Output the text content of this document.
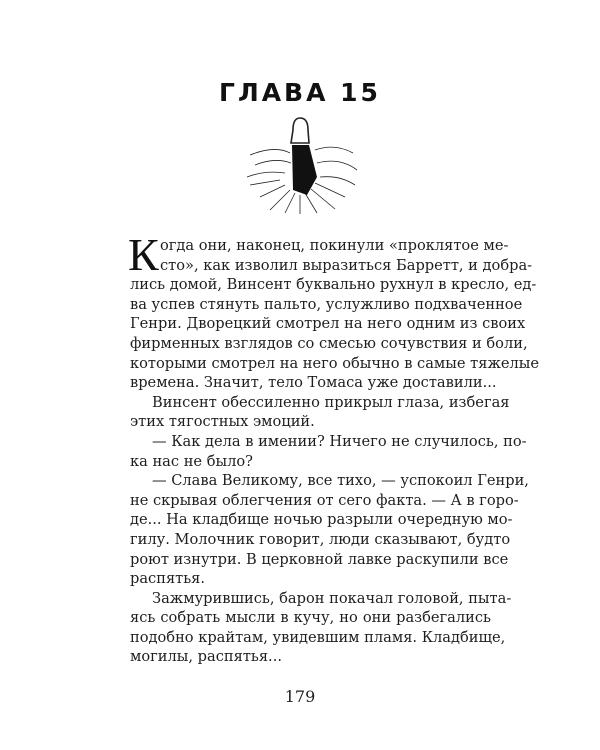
ГЛАВА 15
К огда они, наконец, покинули «проклятое ме-
сто», как изволил выразиться Барретт, и добра-
лись домой, Винсент буквально рухнул в кресло, ед-
ва успев стянуть пальто, услужливо подхваченное
Генри. Дворецкий смотрел на него одним из своих
фирменных взглядов со смесью сочувствия и боли,
которыми смотрел на него обычно в самые тяжелые
времена. Значит, тело Томаса уже доставили...
Винсент обессиленно прикрыл глаза, избегая
этих тягостных эмоций.
— Как дела в имении? Ничего не случилось, по-
ка нас не было?
— Слава Великому, все тихо, — успокоил Генри,
не скрывая облегчения от сего факта. — А в горо-
де... На кладбище ночью разрыли очередную мо-
гилу. Молочник говорит, люди сказывают, будто
роют изнутри. В церковной лавке раскупили все
распятья.
Зажмурившись, барон покачал головой, пыта-
ясь собрать мысли в кучу, но они разбегались
подобно крайтам, увидевшим пламя. Кладбище,
могилы, распятья...
179
